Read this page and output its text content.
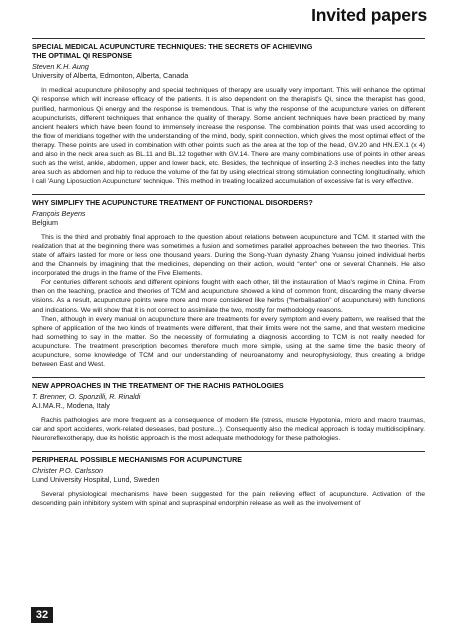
Invited papers
SPECIAL MEDICAL ACUPUNCTURE TECHNIQUES: THE SECRETS OF ACHIEVING
THE OPTIMAL QI RESPONSE
Steven K.H. Aung
University of Alberta, Edmonton, Alberta, Canada

In medical acupuncture philosophy and special techniques of therapy are usually very important. This will enhance the optimal Qi response which will increase efficacy of the patients. It is also dependent on the therapist's Qi, since the therapist has good, purified, harmonious Qi energy and the response is tremendous. That is why the response of the acupuncture varies on different acupuncturists, different techniques that enhance the quality of therapy. Some ancient techniques have been practiced by many ancient healers which have been found to immensely increase the response. The combination points that was used according to the flow of meridians together with the understanding of the mind, body, spirit connection, which gives the most optimal effect of the therapy. These points are used in combination with other points such as the area at the top of the head, GV.20 and HN.EX.1 (x 4) and also in the neck area such as BL.11 and BL.12 together with GV.14. There are many combinations use of points in other areas such as the wrist, ankle, abdomen, upper and lower back, etc. Besides, the technique of inserting 2-3 inches needles into the fatty area such as abdomen and hip to reduce the volume of the fat by using electrical strong stimulation connecting longitudinally, which I call 'Aung Liposuction Acupuncture' technique. This method in treating localized accumulation of excessive fat is very effective.

WHY SIMPLIFY THE ACUPUNCTURE TREATMENT OF FUNCTIONAL DISORDERS?
François Beyens
Belgium

This is the third and probably final approach to the question about relations between acupuncture and TCM. It started with the realization that at the beginning there was sometimes a fusion and sometimes parallel approaches between the two theories. This state of affairs lasted for more or less one thousand years. During the Song-Yuan dynasty Zhang Yuansu joined individual herbs and the Channels by imagining that the medicines, depending on their action, would “enter” one or several Channels. He also incorporated the drugs in the frame of the Five Elements.

For centuries different schools and different opinions fought with each other, till the instauration of Mao's regime in China. From then on the teaching, practice and theories of TCM and acupuncture showed a kind of common front, discarding the many diverse visions. As a result, acupuncture points were more and more considered like herbs (“herbalisation” of acupuncture) with functions and indications. We will show that it is not correct to assimilate the two, mostly for methodology reasons.

Then, although in every manual on acupuncture there are treatments for every symptom and every pattern, we realised that the sphere of application of the two kinds of treatments were different, that their limits were not the same, and that western medicine had something to say in the matter. So the necessity of formulating a diagnosis according to TCM is not really needed for acupuncture. The treatment prescription becomes therefore much more simple, using at the same time the basic theory of acupuncture, some knowledge of TCM and our understanding of neuroanatomy and neurophysiology, thus creating a bridge between East and West.

NEW APPROACHES IN THE TREATMENT OF THE RACHIS PATHOLOGIES
T. Brenner, O. Sponzilli, R. Rinaldi
A.I.MA.R., Modena, Italy

Rachis pathologies are more frequent as a consequence of modern life (stress, muscle Hypotonia, micro and macro traumas, car and sport accidents, work-related deseases, bad posture...). Consequently also the medical approach is today multidisciplinary. Neuroreflexotherapy, due its holistic approach is the most adequate methodology for these pathologies.

PERIPHERAL POSSIBLE MECHANISMS FOR ACUPUNCTURE
Christer P.O. Carlsson
Lund University Hospital, Lund, Sweden

Several physiological mechanisms have been suggested for the pain relieving effect of acupuncture. Activation of the descending pain inhibitory system with spinal and supraspinal endorphin release as well as the involvement of

32
